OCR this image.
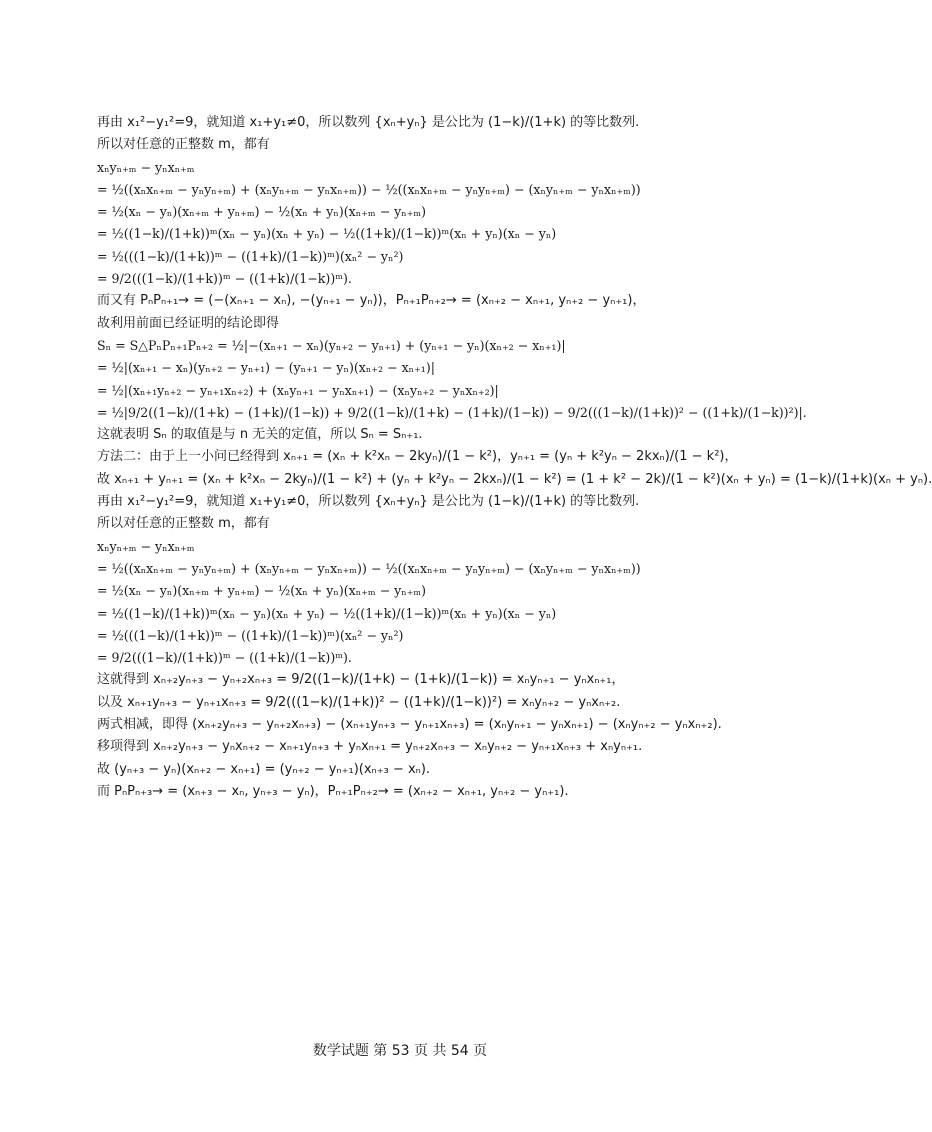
再由 x₁²−y₁²=9，就知道 x₁+y₁≠0，所以数列 {xₙ+yₙ} 是公比为 (1−k)/(1+k) 的等比数列.
所以对任意的正整数 m，都有
xₙyₙ₊ₘ − yₙxₙ₊ₘ
= ½((xₙxₙ₊ₘ − yₙyₙ₊ₘ) + (xₙyₙ₊ₘ − yₙxₙ₊ₘ)) − ½((xₙxₙ₊ₘ − yₙyₙ₊ₘ) − (xₙyₙ₊ₘ − yₙxₙ₊ₘ))
= ½(xₙ − yₙ)(xₙ₊ₘ + yₙ₊ₘ) − ½(xₙ + yₙ)(xₙ₊ₘ − yₙ₊ₘ)
= ½((1−k)/(1+k))ᵐ(xₙ − yₙ)(xₙ + yₙ) − ½((1+k)/(1−k))ᵐ(xₙ + yₙ)(xₙ − yₙ)
= ½(((1−k)/(1+k))ᵐ − ((1+k)/(1−k))ᵐ)(xₙ² − yₙ²)
= 9/2(((1−k)/(1+k))ᵐ − ((1+k)/(1−k))ᵐ).
而又有 PₙPₙ₊₁→ = (−(xₙ₊₁ − xₙ), −(yₙ₊₁ − yₙ))，Pₙ₊₁Pₙ₊₂→ = (xₙ₊₂ − xₙ₊₁, yₙ₊₂ − yₙ₊₁)，
故利用前面已经证明的结论即得
Sₙ = S△PₙPₙ₊₁Pₙ₊₂ = ½|−(xₙ₊₁ − xₙ)(yₙ₊₂ − yₙ₊₁) + (yₙ₊₁ − yₙ)(xₙ₊₂ − xₙ₊₁)|
= ½|(xₙ₊₁ − xₙ)(yₙ₊₂ − yₙ₊₁) − (yₙ₊₁ − yₙ)(xₙ₊₂ − xₙ₊₁)|
= ½|(xₙ₊₁yₙ₊₂ − yₙ₊₁xₙ₊₂) + (xₙyₙ₊₁ − yₙxₙ₊₁) − (xₙyₙ₊₂ − yₙxₙ₊₂)|
= ½|9/2((1−k)/(1+k) − (1+k)/(1−k)) + 9/2((1−k)/(1+k) − (1+k)/(1−k)) − 9/2(((1−k)/(1+k))² − ((1+k)/(1−k))²)|.
这就表明 Sₙ 的取值是与 n 无关的定值，所以 Sₙ = Sₙ₊₁.
方法二：由于上一小问已经得到 xₙ₊₁ = (xₙ + k²xₙ − 2kyₙ)/(1 − k²)，yₙ₊₁ = (yₙ + k²yₙ − 2kxₙ)/(1 − k²)，
故 xₙ₊₁ + yₙ₊₁ = (xₙ + k²xₙ − 2kyₙ)/(1 − k²) + (yₙ + k²yₙ − 2kxₙ)/(1 − k²) = (1 + k² − 2k)/(1 − k²)(xₙ + yₙ) = (1−k)/(1+k)(xₙ + yₙ).
再由 x₁²−y₁²=9，就知道 x₁+y₁≠0，所以数列 {xₙ+yₙ} 是公比为 (1−k)/(1+k) 的等比数列.
所以对任意的正整数 m，都有
xₙyₙ₊ₘ − yₙxₙ₊ₘ
= ½((xₙxₙ₊ₘ − yₙyₙ₊ₘ) + (xₙyₙ₊ₘ − yₙxₙ₊ₘ)) − ½((xₙxₙ₊ₘ − yₙyₙ₊ₘ) − (xₙyₙ₊ₘ − yₙxₙ₊ₘ))
= ½(xₙ − yₙ)(xₙ₊ₘ + yₙ₊ₘ) − ½(xₙ + yₙ)(xₙ₊ₘ − yₙ₊ₘ)
= ½((1−k)/(1+k))ᵐ(xₙ − yₙ)(xₙ + yₙ) − ½((1+k)/(1−k))ᵐ(xₙ + yₙ)(xₙ − yₙ)
= ½(((1−k)/(1+k))ᵐ − ((1+k)/(1−k))ᵐ)(xₙ² − yₙ²)
= 9/2(((1−k)/(1+k))ᵐ − ((1+k)/(1−k))ᵐ).
这就得到 xₙ₊₂yₙ₊₃ − yₙ₊₂xₙ₊₃ = 9/2((1−k)/(1+k) − (1+k)/(1−k)) = xₙyₙ₊₁ − yₙxₙ₊₁，
以及 xₙ₊₁yₙ₊₃ − yₙ₊₁xₙ₊₃ = 9/2(((1−k)/(1+k))² − ((1+k)/(1−k))²) = xₙyₙ₊₂ − yₙxₙ₊₂.
两式相减，即得 (xₙ₊₂yₙ₊₃ − yₙ₊₂xₙ₊₃) − (xₙ₊₁yₙ₊₃ − yₙ₊₁xₙ₊₃) = (xₙyₙ₊₁ − yₙxₙ₊₁) − (xₙyₙ₊₂ − yₙxₙ₊₂).
移项得到 xₙ₊₂yₙ₊₃ − yₙxₙ₊₂ − xₙ₊₁yₙ₊₃ + yₙxₙ₊₁ = yₙ₊₂xₙ₊₃ − xₙyₙ₊₂ − yₙ₊₁xₙ₊₃ + xₙyₙ₊₁.
故 (yₙ₊₃ − yₙ)(xₙ₊₂ − xₙ₊₁) = (yₙ₊₂ − yₙ₊₁)(xₙ₊₃ − xₙ).
而 PₙPₙ₊₃→ = (xₙ₊₃ − xₙ, yₙ₊₃ − yₙ)，Pₙ₊₁Pₙ₊₂→ = (xₙ₊₂ − xₙ₊₁, yₙ₊₂ − yₙ₊₁).
数学试题 第 53 页 共 54 页
